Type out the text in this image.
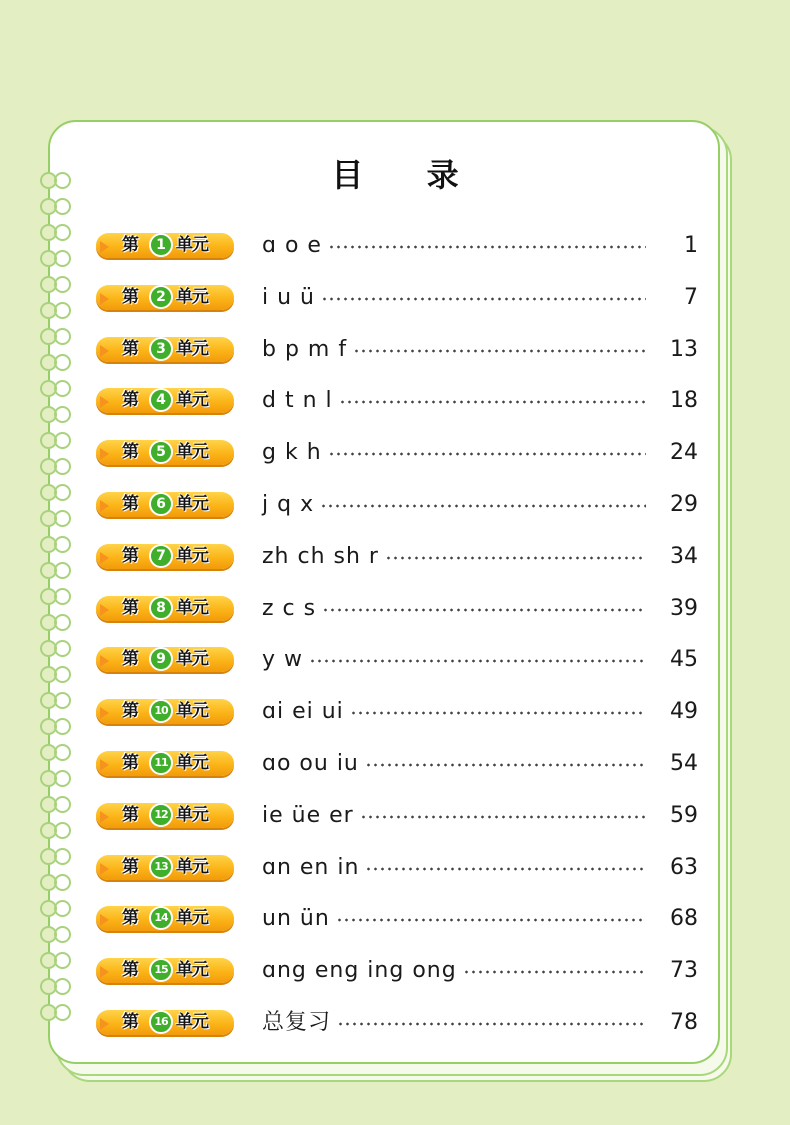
目 录
第	1 单元 ɑ o e	1
第	2 单元 i u ü	7
第	3 单元 b p m f	13
第	4 单元 d t n l	18
第	5 单元 g k h	24
第	6 单元 j q x	29
第	7 单元 zh ch sh r	34
第	8 单元 z c s	39
第	9 单元 y w	45
第	10 单元 ɑi ei ui	49
第	11 单元 ɑo ou iu	54
第	12 单元 ie üe er	59
第	13 单元 ɑn en in	63
第	14 单元 un ün	68
第	15 单元 ɑng eng ing ong	73
第	16 单元 总复习	78
